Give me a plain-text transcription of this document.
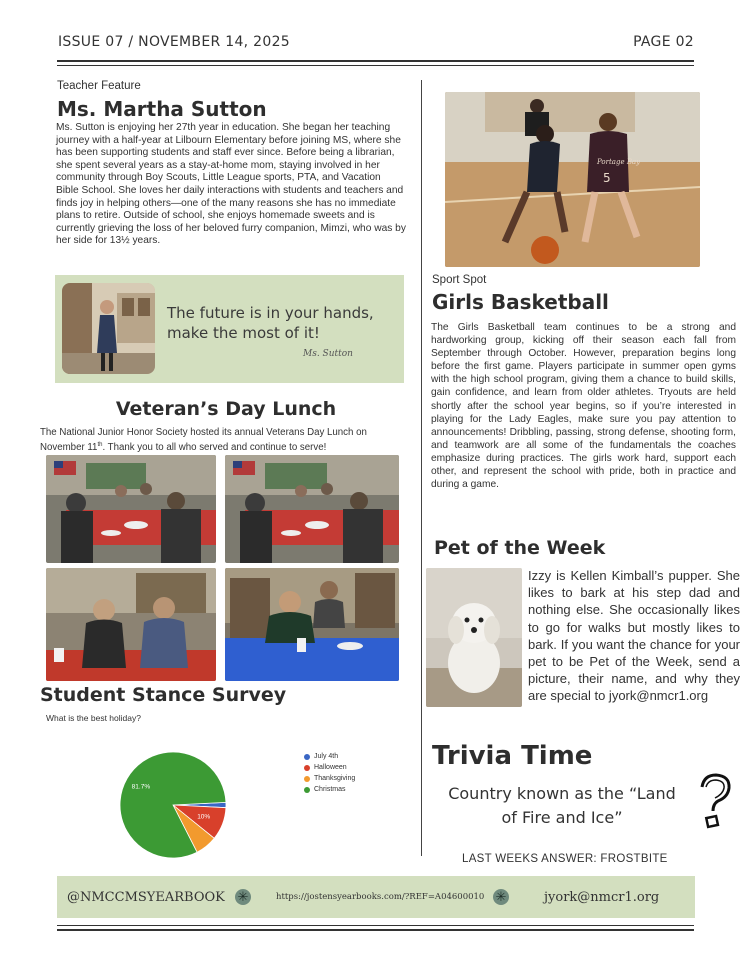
ISSUE 07 / NOVEMBER 14, 2025	PAGE 02
Teacher Feature
Ms. Martha Sutton
Ms. Sutton is enjoying her 27th year in education. She began her teaching journey with a half-year at Lilbourn Elementary before joining MS, where she has been supporting students and staff ever since. Before being a librarian, she spent several years as a stay-at-home mom, staying involved in her community through Boy Scouts, Little League sports, PTA, and Vacation Bible School. She loves her daily interactions with students and teachers and finds joy in helping others—one of the many reasons she has no immediate plans to retire. Outside of school, she enjoys homemade sweets and is currently grieving the loss of her beloved furry companion, Mimzi, who was by her side for 13½ years.
The future is in your hands,
make the most of it!
Ms. Sutton
Veteran’s Day Lunch
The National Junior Honor Society hosted its annual Veterans Day Lunch on November 11th. Thank you to all who served and continue to serve!
Student Stance Survey
What is the best holiday?
10%
81.7%
July 4th
Halloween
Thanksgiving
Christmas
Portage Bay
5
Sport Spot
Girls Basketball
The Girls Basketball team continues to be a strong and hardworking group, kicking off their season each fall from September through October. However, preparation begins long before the first game. Players participate in summer open gyms with the high school program, giving them a chance to build skills, gain confidence, and learn from older athletes. Tryouts are held shortly after the school year begins, so if you’re interested in playing for the Lady Eagles, make sure you pay attention to announcements! Dribbling, passing, strong defense, shooting form, and teamwork are all some of the fundamentals the coaches emphasize during practices. The girls work hard, support each other, and represent the school with pride, both in practice and during a game.
Pet of the Week
Izzy is Kellen Kimball’s pupper. She likes to bark at his step dad and nothing else. She occasionally likes to go for walks but mostly likes to bark. If you want the chance for your pet to be Pet of the Week, send a picture, their name, and why they are special to jyork@nmcr1.org
Trivia Time
Country known as the “Land
of Fire and Ice”
LAST WEEKS ANSWER: FROSTBITE
@NMCCMSYEARBOOK ✳	https://jostensyearbooks.com/?REF=A04600010 ✳	jyork@nmcr1.org
